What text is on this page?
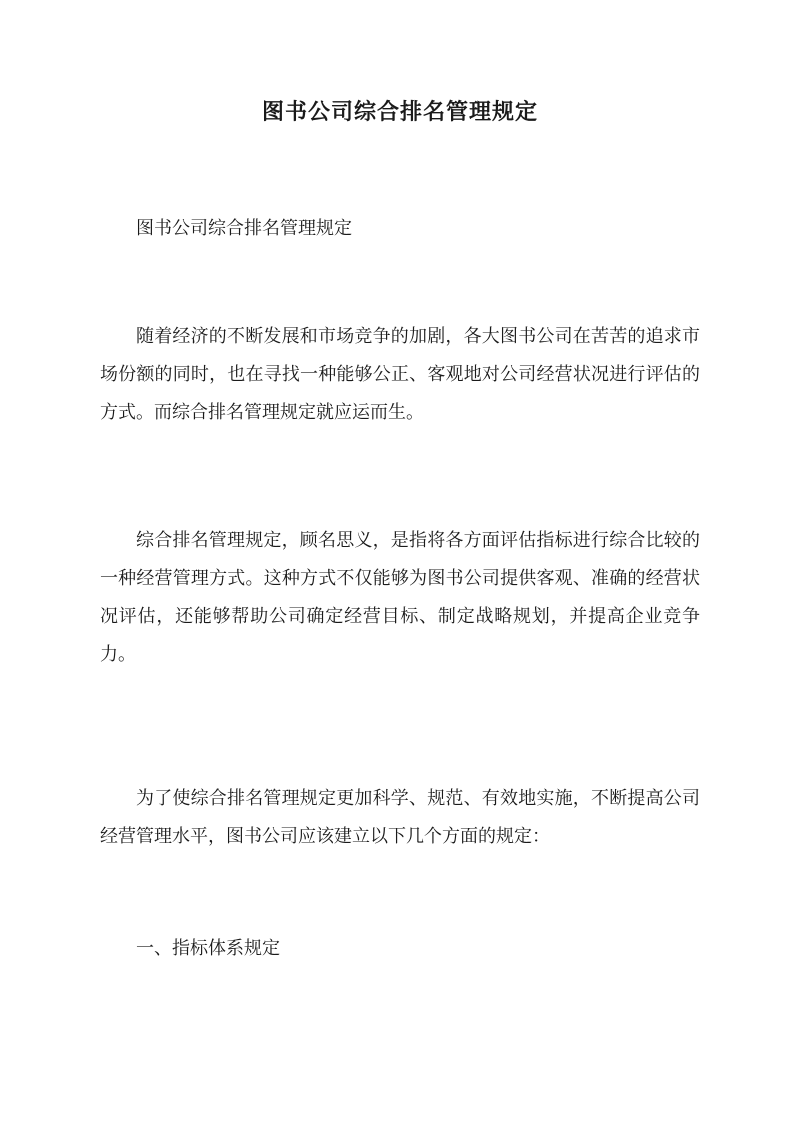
图书公司综合排名管理规定

图书公司综合排名管理规定

随着经济的不断发展和市场竞争的加剧，各大图书公司在苦苦的追求市场份额的同时，也在寻找一种能够公正、客观地对公司经营状况进行评估的方式。而综合排名管理规定就应运而生。

综合排名管理规定，顾名思义，是指将各方面评估指标进行综合比较的一种经营管理方式。这种方式不仅能够为图书公司提供客观、准确的经营状况评估，还能够帮助公司确定经营目标、制定战略规划，并提高企业竞争力。

为了使综合排名管理规定更加科学、规范、有效地实施，不断提高公司经营管理水平，图书公司应该建立以下几个方面的规定：

一、指标体系规定
